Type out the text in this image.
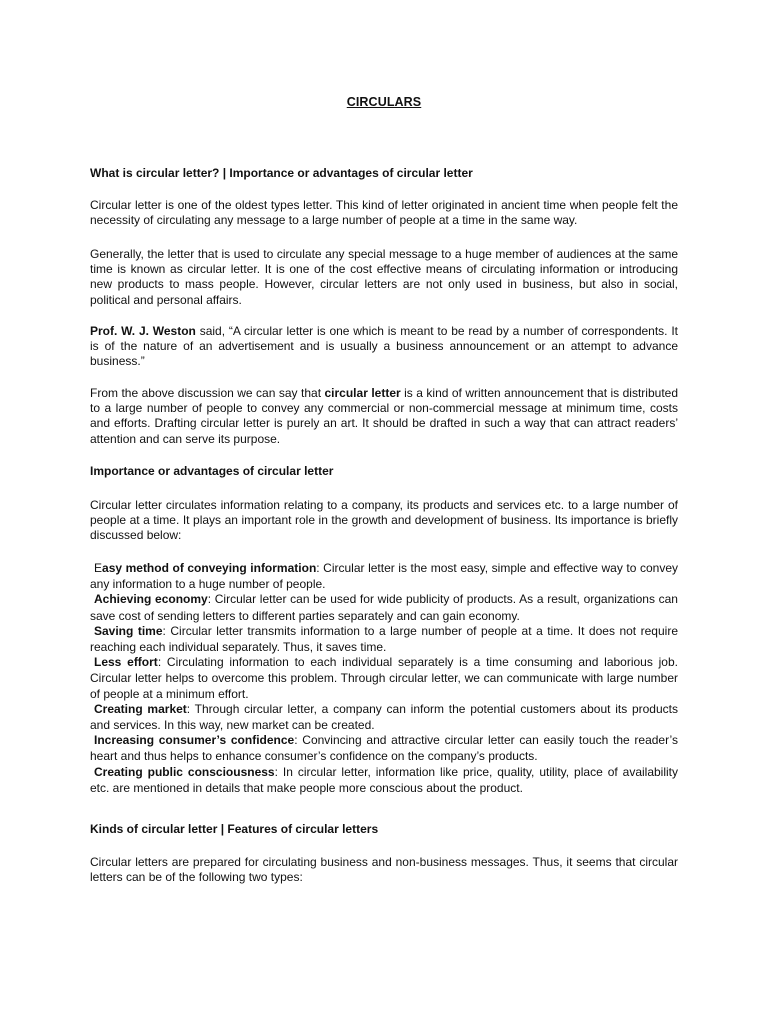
CIRCULARS
What is circular letter? | Importance or advantages of circular letter
Circular letter is one of the oldest types letter. This kind of letter originated in ancient time when people felt the necessity of circulating any message to a large number of people at a time in the same way.
Generally, the letter that is used to circulate any special message to a huge member of audiences at the same time is known as circular letter. It is one of the cost effective means of circulating information or introducing new products to mass people. However, circular letters are not only used in business, but also in social, political and personal affairs.
Prof. W. J. Weston said, “A circular letter is one which is meant to be read by a number of correspondents. It is of the nature of an advertisement and is usually a business announcement or an attempt to advance business.”
From the above discussion we can say that circular letter is a kind of written announcement that is distributed to a large number of people to convey any commercial or non-commercial message at minimum time, costs and efforts. Drafting circular letter is purely an art. It should be drafted in such a way that can attract readers’ attention and can serve its purpose.
Importance or advantages of circular letter
Circular letter circulates information relating to a company, its products and services etc. to a large number of people at a time. It plays an important role in the growth and development of business. Its importance is briefly discussed below:

Easy method of conveying information: Circular letter is the most easy, simple and effective way to convey any information to a huge number of people.

Achieving economy: Circular letter can be used for wide publicity of products. As a result, organizations can save cost of sending letters to different parties separately and can gain economy.

Saving time: Circular letter transmits information to a large number of people at a time. It does not require reaching each individual separately. Thus, it saves time.

Less effort: Circulating information to each individual separately is a time consuming and laborious job. Circular letter helps to overcome this problem. Through circular letter, we can communicate with large number of people at a minimum effort.

Creating market: Through circular letter, a company can inform the potential customers about its products and services. In this way, new market can be created.

Increasing consumer’s confidence: Convincing and attractive circular letter can easily touch the reader’s heart and thus helps to enhance consumer’s confidence on the company’s products.

Creating public consciousness: In circular letter, information like price, quality, utility, place of availability etc. are mentioned in details that make people more conscious about the product.

Kinds of circular letter | Features of circular letters
Circular letters are prepared for circulating business and non-business messages. Thus, it seems that circular letters can be of the following two types:
